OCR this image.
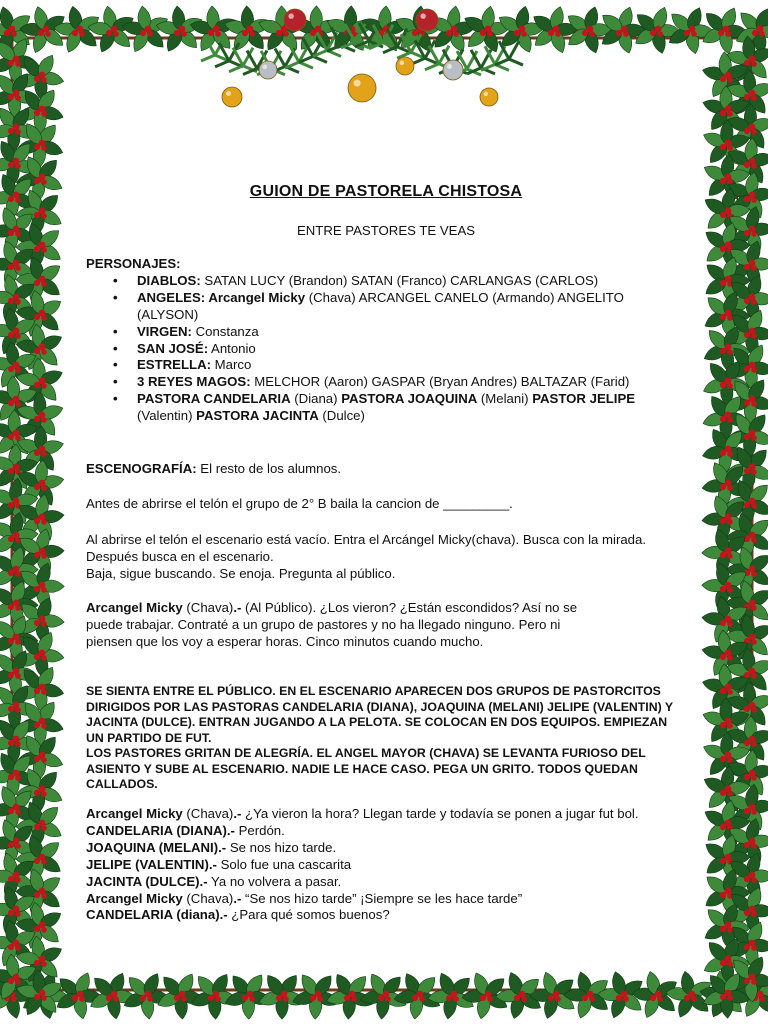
GUION DE PASTORELA CHISTOSA
ENTRE PASTORES TE VEAS

PERSONAJES:

• DIABLOS: SATAN LUCY (Brandon) SATAN (Franco) CARLANGAS (CARLOS)
• ANGELES: Arcangel Micky (Chava) ARCANGEL CANELO (Armando) ANGELITO (ALYSON)
• VIRGEN: Constanza
• SAN JOSÉ: Antonio
• ESTRELLA: Marco
• 3 REYES MAGOS: MELCHOR (Aaron) GASPAR (Bryan Andres) BALTAZAR (Farid)
• PASTORA CANDELARIA (Diana) PASTORA JOAQUINA (Melani) PASTOR JELIPE (Valentin) PASTORA JACINTA (Dulce)
ESCENOGRAFÍA: El resto de los alumnos.
Antes de abrirse el telón el grupo de 2° B baila la cancion de _________.

Al abrirse el telón el escenario está vacío. Entra el Arcángel Micky(chava). Busca con la mirada. Después busca en el escenario.

Baja, sigue buscando. Se enoja. Pregunta al público.

Arcangel Micky (Chava).- (Al Público). ¿Los vieron? ¿Están escondidos? Así no se puede trabajar. Contraté a un grupo de pastores y no ha llegado ninguno. Pero ni piensen que los voy a esperar horas. Cinco minutos cuando mucho.
SE SIENTA ENTRE EL PÚBLICO. EN EL ESCENARIO APARECEN DOS GRUPOS DE PASTORCITOS DIRIGIDOS POR LAS PASTORAS CANDELARIA (DIANA), JOAQUINA (MELANI) JELIPE (VALENTIN) Y JACINTA (DULCE). ENTRAN JUGANDO A LA PELOTA. SE COLOCAN EN DOS EQUIPOS. EMPIEZAN UN PARTIDO DE FUT.
LOS PASTORES GRITAN DE ALEGRÍA. EL ANGEL MAYOR (CHAVA) SE LEVANTA FURIOSO DEL ASIENTO Y SUBE AL ESCENARIO. NADIE LE HACE CASO. PEGA UN GRITO. TODOS QUEDAN CALLADOS.

Arcangel Micky (Chava).- ¿Ya vieron la hora? Llegan tarde y todavía se ponen a jugar fut bol.

CANDELARIA (DIANA).- Perdón.

JOAQUINA (MELANI).- Se nos hizo tarde.

JELIPE (VALENTIN).- Solo fue una cascarita

JACINTA (DULCE).- Ya no volvera a pasar.

Arcangel Micky (Chava).- “Se nos hizo tarde” ¡Siempre se les hace tarde”

CANDELARIA (diana).- ¿Para qué somos buenos?
